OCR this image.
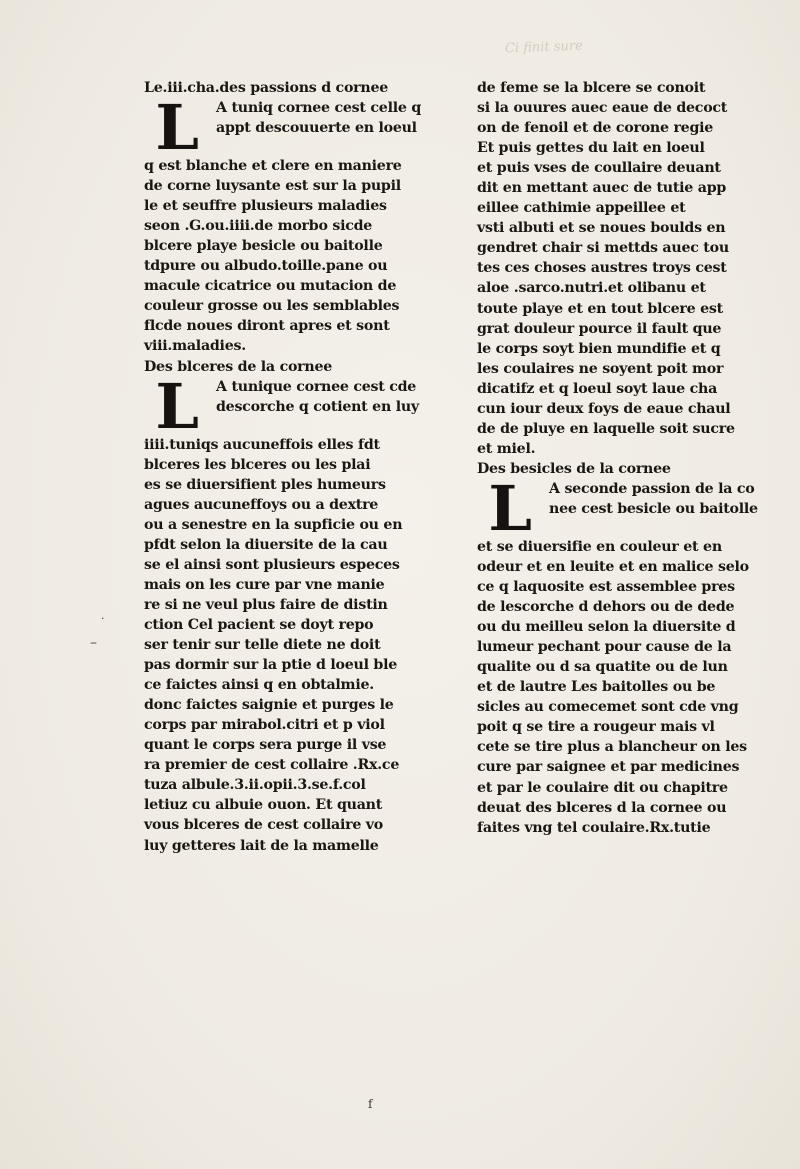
Ci finit sure
Le.iii.cha.des passions d cornee
L	A tuniq cornee cest celle q
appt descouuerte en loeul
q est blanche et clere en maniere
de corne luysante est sur la pupil
le et seuffre plusieurs maladies
seon .G.ou.iiii.de morbo sicde
blcere playe besicle ou baitolle
tdpure ou albudo.toille.pane ou
macule cicatrice ou mutacion de
couleur grosse ou les semblables
flcde noues diront apres et sont
viii.maladies.
Des blceres de la cornee
L	A tunique cornee cest cde
descorche q cotient en luy
iiii.tuniqs aucuneffois elles fdt
blceres les blceres ou les plai
es se diuersifient ples humeurs
agues aucuneffoys ou a dextre
ou a senestre en la supficie ou en
pfdt selon la diuersite de la cau
se el ainsi sont plusieurs especes
mais on les cure par vne manie
re si ne veul plus faire de distin
ction Cel pacient se doyt repo
ser tenir sur telle diete ne doit
pas dormir sur la ptie d loeul ble
ce faictes ainsi q en obtalmie.
donc faictes saignie et purges le
corps par mirabol.citri et p viol
quant le corps sera purge il vse
ra premier de cest collaire .Rx.ce
tuza albule.3.ii.opii.3.se.f.col
letiuz cu albuie ouon. Et quant
vous blceres de cest collaire vo
luy getteres lait de la mamelle
de feme se la blcere se conoit
si la ouures auec eaue de decoct
on de fenoil et de corone regie
Et puis gettes du lait en loeul
et puis vses de coullaire deuant
dit en mettant auec de tutie app
eillee cathimie appeillee et
vsti albuti et se noues boulds en
gendret chair si mettds auec tou
tes ces choses austres troys cest
aloe .sarco.nutri.et olibanu et
toute playe et en tout blcere est
grat douleur pource il fault que
le corps soyt bien mundifie et q
les coulaires ne soyent poit mor
dicatifz et q loeul soyt laue cha
cun iour deux foys de eaue chaul
de de pluye en laquelle soit sucre
et miel.
Des besicles de la cornee
L	A seconde passion de la co
nee cest besicle ou baitolle
et se diuersifie en couleur et en
odeur et en leuite et en malice selo
ce q laquosite est assemblee pres
de lescorche d dehors ou de dede
ou du meilleu selon la diuersite d
lumeur pechant pour cause de la
qualite ou d sa quatite ou de lun
et de lautre Les baitolles ou be
sicles au comecemet sont cde vng
poit q se tire a rougeur mais vl
cete se tire plus a blancheur on les
cure par saignee et par medicines
et par le coulaire dit ou chapitre
deuat des blceres d la cornee ou
faites vng tel coulaire.Rx.tutie
–
·
f
